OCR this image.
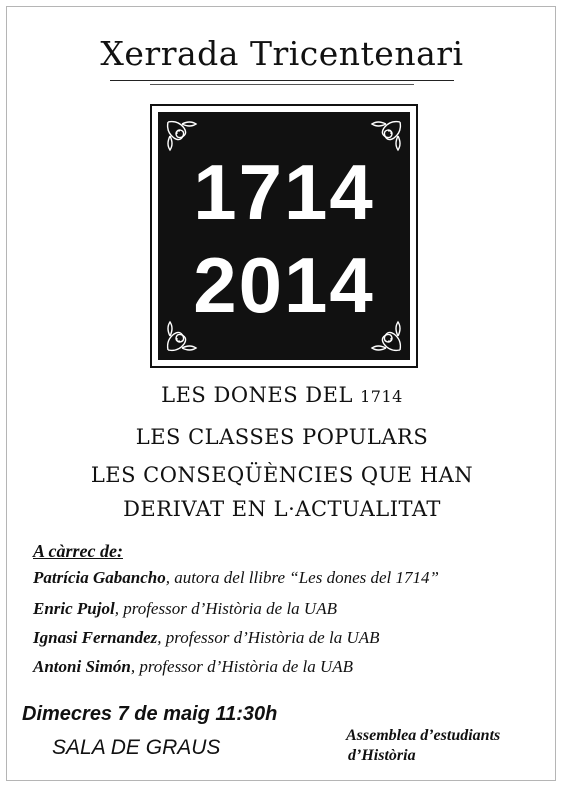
Xerrada Tricentenari
1714
2014
LES DONES DEL 1714
LES CLASSES POPULARS
LES CONSEQÜÈNCIES QUE HAN
DERIVAT EN L·ACTUALITAT
A càrrec de:
Patrícia Gabancho, autora del llibre “Les dones del 1714”
Enric Pujol, professor d’Història de la UAB
Ignasi Fernandez, professor d’Història de la UAB
Antoni Simón, professor d’Història de la UAB
Dimecres 7 de maig 11:30h
SALA DE GRAUS
Assemblea d’estudiants
d’Història
